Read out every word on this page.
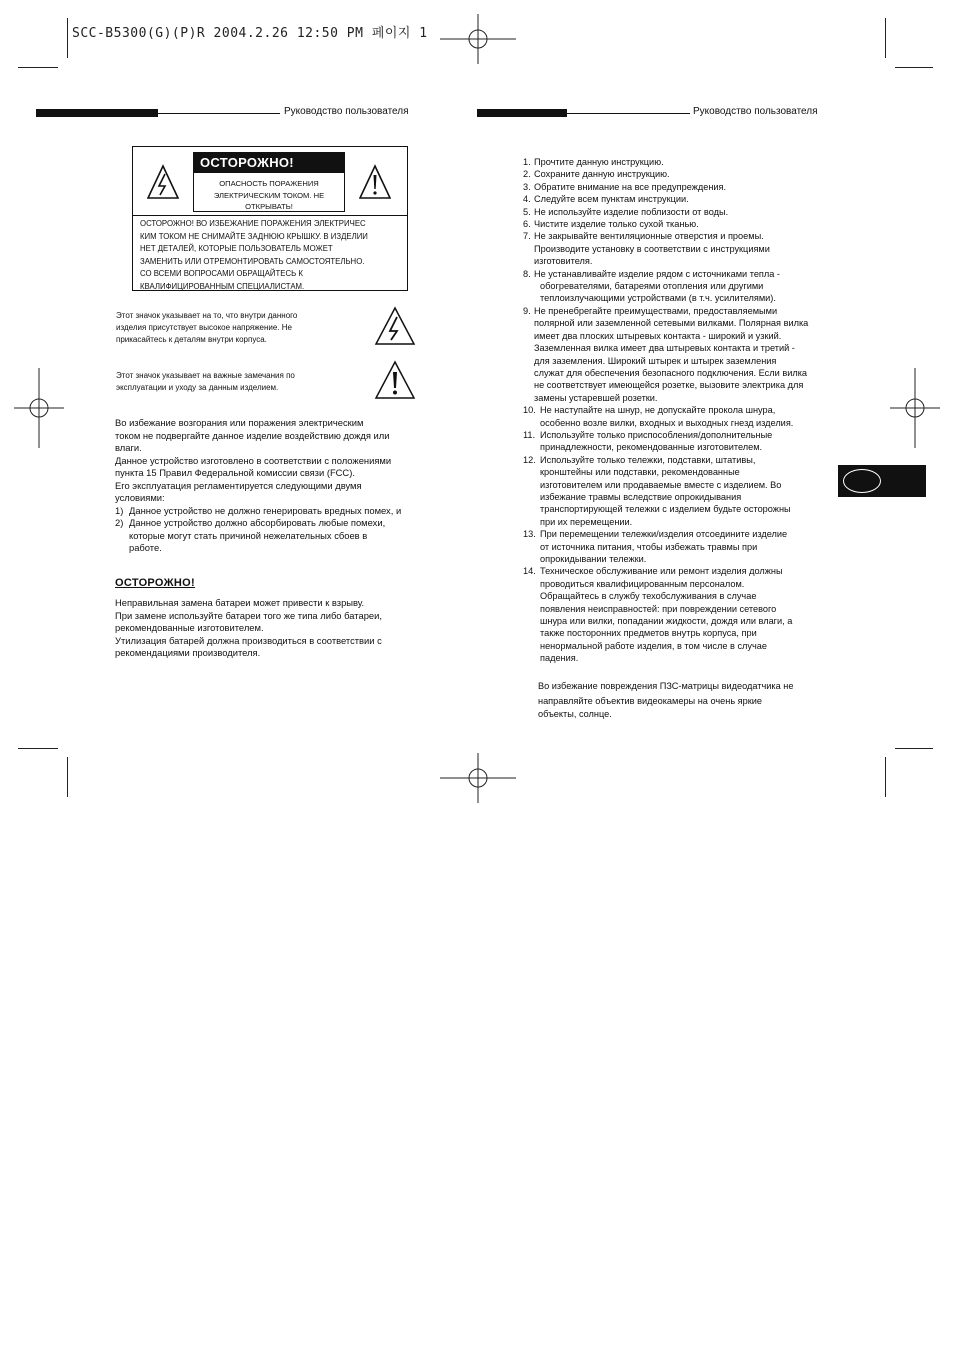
SCC-B5300(G)(P)R 2004.2.26 12:50 PM 페이지 1
Руководство пользователя	Руководство пользователя
ОСТОРОЖНО!
ОПАСНОСТЬ ПОРАЖЕНИЯ
ЭЛЕКТРИЧЕСКИМ ТОКОМ. НЕ
ОТКРЫВАТЬ!
ОСТОРОЖНО! ВО ИЗБЕЖАНИЕ ПОРАЖЕНИЯ ЭЛЕКТРИЧЕС
КИМ ТОКОМ НЕ СНИМАЙТЕ ЗАДНЮЮ КРЫШКУ. В ИЗДЕЛИИ
НЕТ ДЕТАЛЕЙ, КОТОРЫЕ ПОЛЬЗОВАТЕЛЬ МОЖЕТ
ЗАМЕНИТЬ ИЛИ ОТРЕМОНТИРОВАТЬ САМОСТОЯТЕЛЬНО.
СО ВСЕМИ ВОПРОСАМИ ОБРАЩАЙТЕСЬ К
КВАЛИФИЦИРОВАННЫМ СПЕЦИАЛИСТАМ.
Этот значок указывает на то, что внутри данного
изделия присутствует высокое напряжение. Не
прикасайтесь к деталям внутри корпуса.
Этот значок указывает на важные замечания по
эксплуатации и уходу за данным изделием.
Во избежание возгорания или поражения электрическим
током не подвергайте данное изделие воздействию дождя или
влаги.
Данное устройство изготовлено в соответствии с положениями
пункта 15 Правил Федеральной комиссии связи (FCC).
Его эксплуатация регламентируется следующими двумя
условиями:
1) Данное устройство не должно генерировать вредных помех, и
2) Данное устройство должно абсорбировать любые помехи,
которые могут стать причиной нежелательных сбоев в
работе.
ОСТОРОЖНО!
Неправильная замена батареи может привести к взрыву.
При замене используйте батареи того же типа либо батареи,
рекомендованные изготовителем.
Утилизация батарей должна производиться в соответствии с
рекомендациями производителя.
1. Прочтите данную инструкцию.
2. Сохраните данную инструкцию.
3. Обратите внимание на все предупреждения.
4. Следуйте всем пунктам инструкции.
5. Не используйте изделие поблизости от воды.
6. Чистите изделие только сухой тканью.
7. Не закрывайте вентиляционные отверстия и проемы.
Производите установку в соответствии с инструкциями
изготовителя.
8. Не устанавливайте изделие рядом с источниками тепла -
обогревателями, батареями отопления или другими
теплоизлучающими устройствами (в т.ч. усилителями).
9. Не пренебрегайте преимуществами, предоставляемыми
полярной или заземленной сетевыми вилками. Полярная вилка
имеет два плоских штыревых контакта - широкий и узкий.
Заземленная вилка имеет два штыревых контакта и третий -
для заземления. Широкий штырек и штырек заземления
служат для обеспечения безопасного подключения. Если вилка
не соответствует имеющейся розетке, вызовите электрика для
замены устаревшей розетки.
10. Не наступайте на шнур, не допускайте прокола шнура,
особенно возле вилки, входных и выходных гнезд изделия.
11. Используйте только приспособления/дополнительные
принадлежности, рекомендованные изготовителем.
12. Используйте только тележки, подставки, штативы,
кронштейны или подставки, рекомендованные
изготовителем или продаваемые вместе с изделием. Во
избежание травмы вследствие опрокидывания
транспортирующей тележки с изделием будьте осторожны
при их перемещении.
13. При перемещении тележки/изделия отсоедините изделие
от источника питания, чтобы избежать травмы при
опрокидывании тележки.
14. Техническое обслуживание или ремонт изделия должны
проводиться квалифицированным персоналом.
Обращайтесь в службу техобслуживания в случае
появления неисправностей: при повреждении сетевого
шнура или вилки, попадании жидкости, дождя или влаги, а
также посторонних предметов внутрь корпуса, при
ненормальной работе изделия, в том числе в случае
падения.
Во избежание повреждения ПЗС-матрицы видеодатчика не
направляйте объектив видеокамеры на очень яркие
объекты, солнце.
